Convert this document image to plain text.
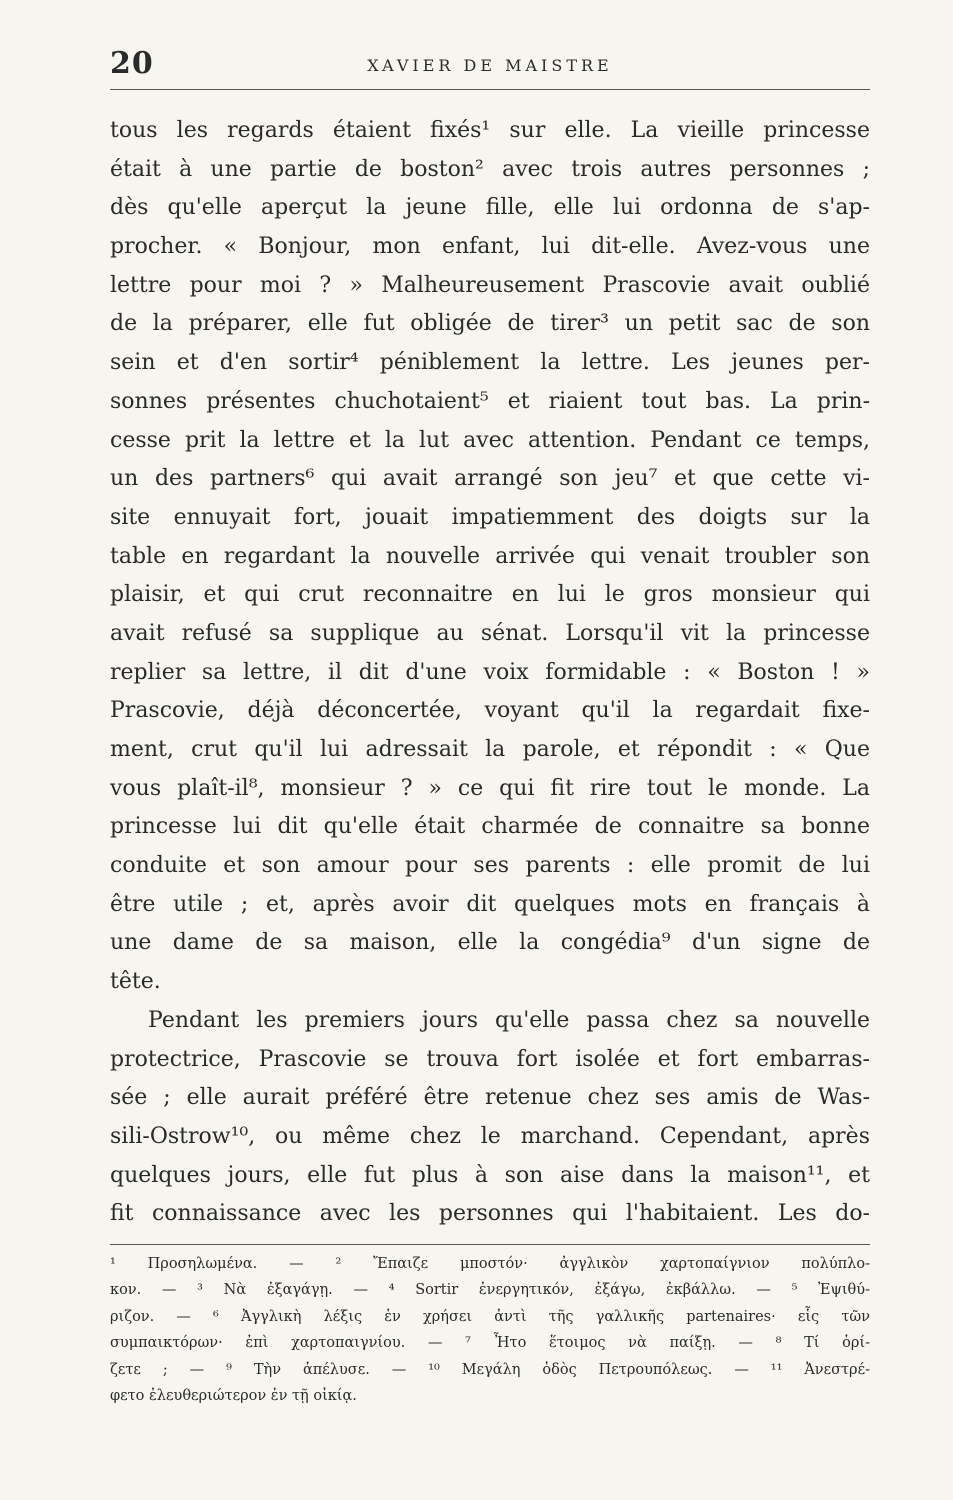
20	XAVIER DE MAISTRE
tous les regards étaient fixés¹ sur elle. La vieille princesse
était à une partie de boston² avec trois autres personnes ;
dès qu'elle aperçut la jeune fille, elle lui ordonna de s'ap-
procher. « Bonjour, mon enfant, lui dit-elle. Avez-vous une
lettre pour moi ? » Malheureusement Prascovie avait oublié
de la préparer, elle fut obligée de tirer³ un petit sac de son
sein et d'en sortir⁴ péniblement la lettre. Les jeunes per-
sonnes présentes chuchotaient⁵ et riaient tout bas. La prin-
cesse prit la lettre et la lut avec attention. Pendant ce temps,
un des partners⁶ qui avait arrangé son jeu⁷ et que cette vi-
site ennuyait fort, jouait impatiemment des doigts sur la
table en regardant la nouvelle arrivée qui venait troubler son
plaisir, et qui crut reconnaitre en lui le gros monsieur qui
avait refusé sa supplique au sénat. Lorsqu'il vit la princesse
replier sa lettre, il dit d'une voix formidable : « Boston ! »
Prascovie, déjà déconcertée, voyant qu'il la regardait fixe-
ment, crut qu'il lui adressait la parole, et répondit : « Que
vous plaît-il⁸, monsieur ? » ce qui fit rire tout le monde. La
princesse lui dit qu'elle était charmée de connaitre sa bonne
conduite et son amour pour ses parents : elle promit de lui
être utile ; et, après avoir dit quelques mots en français à
une dame de sa maison, elle la congédia⁹ d'un signe de
tête.
Pendant les premiers jours qu'elle passa chez sa nouvelle
protectrice, Prascovie se trouva fort isolée et fort embarras-
sée ; elle aurait préféré être retenue chez ses amis de Was-
sili-Ostrow¹⁰, ou même chez le marchand. Cependant, après
quelques jours, elle fut plus à son aise dans la maison¹¹, et
fit connaissance avec les personnes qui l'habitaient. Les do-
¹ Προσηλωμένα. — ² Ἔπαιζε μποστόν· ἀγγλικὸν χαρτοπαίγνιον πολύπλο-
κον. — ³ Νὰ ἐξαγάγῃ. — ⁴ Sortir ἐνεργητικόν, ἐξάγω, ἐκβάλλω. — ⁵ Ἐψιθύ-
ριζον. — ⁶ Ἀγγλικὴ λέξις ἐν χρήσει ἀντὶ τῆς γαλλικῆς partenaires· εἷς τῶν
συμπαικτόρων· ἐπὶ χαρτοπαιγνίου. — ⁷ Ἦτο ἕτοιμος νὰ παίξῃ. — ⁸ Τί ὁρί-
ζετε ; — ⁹ Τὴν ἀπέλυσε. — ¹⁰ Μεγάλη ὁδὸς Πετρουπόλεως. — ¹¹ Ἀνεστρέ-
φετο ἐλευθεριώτερον ἐν τῇ οἰκίᾳ.
